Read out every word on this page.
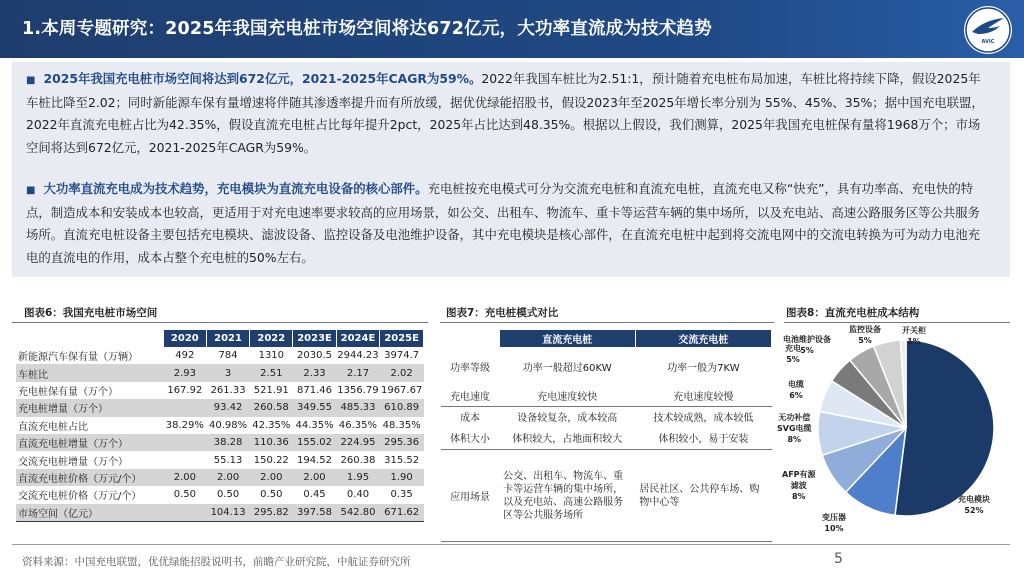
1.本周专题研究：2025年我国充电桩市场空间将达672亿元，大功率直流成为技术趋势
AVIC
■ 2025年我国充电桩市场空间将达到672亿元，2021-2025年CAGR为59%。2022年我国车桩比为2.51:1，预计随着充电桩布局加速，车桩比将持续下降，假设2025年车桩比降至2.02；同时新能源车保有量增速将伴随其渗透率提升而有所放缓，据优优绿能招股书，假设2023年至2025年增长率分别为 55%、45%、35%；据中国充电联盟，2022年直流充电桩占比为42.35%，假设直流充电桩占比每年提升2pct，2025年占比达到48.35%。根据以上假设，我们测算，2025年我国充电桩保有量将1968万个；市场空间将达到672亿元，2021-2025年CAGR为59%。
■ 大功率直流充电成为技术趋势，充电模块为直流充电设备的核心部件。充电桩按充电模式可分为交流充电桩和直流充电桩，直流充电又称“快充”，具有功率高、充电快的特点，制造成本和安装成本也较高，更适用于对充电速率要求较高的应用场景，如公交、出租车、物流车、重卡等运营车辆的集中场所，以及充电站、高速公路服务区等公共服务场所。直流充电桩设备主要包括充电模块、滤波设备、监控设备及电池维护设备，其中充电模块是核心部件，在直流充电桩中起到将交流电网中的交流电转换为可为动力电池充电的直流电的作用，成本占整个充电桩的50%左右。
图表6：我国充电桩市场空间
	2020	2021	2022	2023E	2024E	2025E
新能源汽车保有量（万辆）	492	784	1310	2030.5	2944.23	3974.7
车桩比	2.93	3	2.51	2.33	2.17	2.02
充电桩保有量（万个）	167.92	261.33	521.91	871.46	1356.79	1967.67
充电桩增量（万个）		93.42	260.58	349.55	485.33	610.89
直流充电桩占比	38.29%	40.98%	42.35%	44.35%	46.35%	48.35%
直流充电桩增量（万个）		38.28	110.36	155.02	224.95	295.36
交流充电桩增量（万个）		55.13	150.22	194.52	260.38	315.52
直流充电桩价格（万元/个）	2.00	2.00	2.00	2.00	1.95	1.90
交流充电桩价格（万元/个）	0.50	0.50	0.50	0.45	0.40	0.35
市场空间（亿元）		104.13	295.82	397.58	542.80	671.62
图表7：充电桩模式对比
	直流充电桩	交流充电桩
功率等级	功率一般超过60KW	功率一般为7KW
充电速度	充电速度较快	充电速度较慢
成本	设备较复杂，成本较高	技术较成熟，成本较低
体积大小	体积较大，占地面积较大	体积较小，易于安装
应用场景	公交、出租车、物流车、重卡等运营车辆的集中场所，以及充电站、高速公路服务区等公共服务场所	居民社区、公共停车场、购物中心等
图表8：直流充电桩成本结构
充电模块
52%
变压器
10%
AFP有源
滤波
8%
无功补偿
SVG电缆
8%
电缆
6%
充电
5%
电池维护设备
5%
监控设备
5%
开关柜
1%
资料来源：中国充电联盟，优优绿能招股说明书，前瞻产业研究院，中航证券研究所	5
